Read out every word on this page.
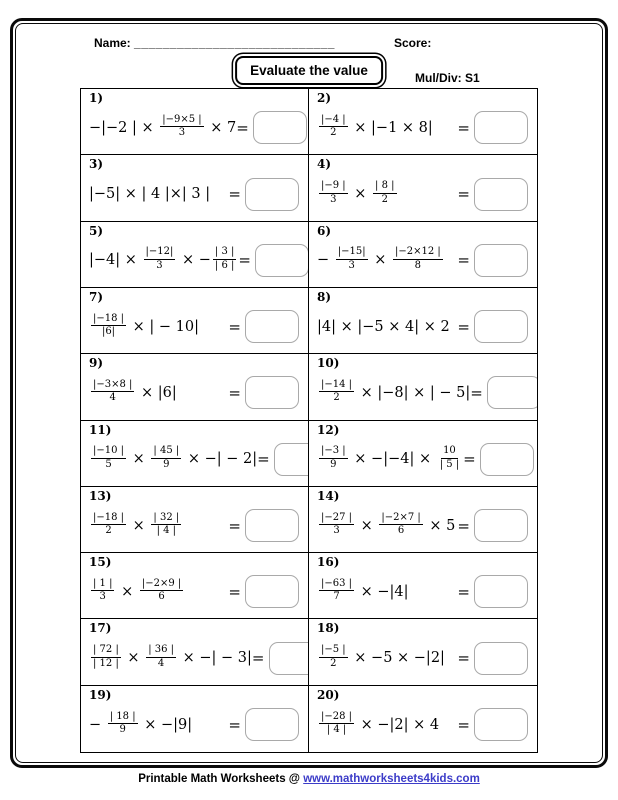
Name: ____________________________	Score:
Evaluate the value	Mul/Div: S1
1)
−|−2 | × $\frac{|-9\times 5 |}{3} \times 7$ =
2)
$\frac{|-4 |}{2} \times |-1 \times 8|$ =
3)
|−5| × | 4 |×| 3 | =
4)
$\frac{|-9 |}{3} \times \frac{| 8 |}{2}$	=
5)
$|-4| \times \frac{|-12|}{3}$ × − $\frac{| 3 |}{| 6 |}$ =
6)
− $\frac{|-15|}{3} \times \frac{|-2\times 12 |}{8}$ =
7)
$\frac{|-18 |}{|6|}$ × | − 10| =
8)
|4| × |−5 × 4| × 2 =
9)
$\frac{|-3\times 8 |}{4} \times |6|$	=
10)
$\frac{|-14 |}{2} \times |-8|$ × | − 5| =
11)
$\frac{|-10 |}{5} \times \frac{| 45 |}{9}$ × −| − 2| =
12)
$\frac{|-3 |}{9} \times -|-4| \times \frac{10}{| 5 |}$ =
13)
$\frac{|-18 |}{2} \times \frac{| 32 |}{| 4 |}$	=
14)
$\frac{|-27 |}{3} \times \frac{|-2\times 7 |}{6} \times 5$ =
15)
$\frac{| 1 |}{3} \times \frac{|-2\times 9 |}{6}$	=
16)
$\frac{|-63 |}{7} \times -|4|$	=
17)
$\frac{| 72 |}{| 12 |} \times \frac{| 36 |}{4}$ × −| − 3| =
18)
$\frac{|-5 |}{2} \times -5 \times -|2|$ =
19)
− $\frac{| 18 |}{9} \times -|9|$ =
20)
$\frac{|-28 |}{| 4 |} \times -|2| \times 4$ =
Printable Math Worksheets @ www.mathworksheets4kids.com
